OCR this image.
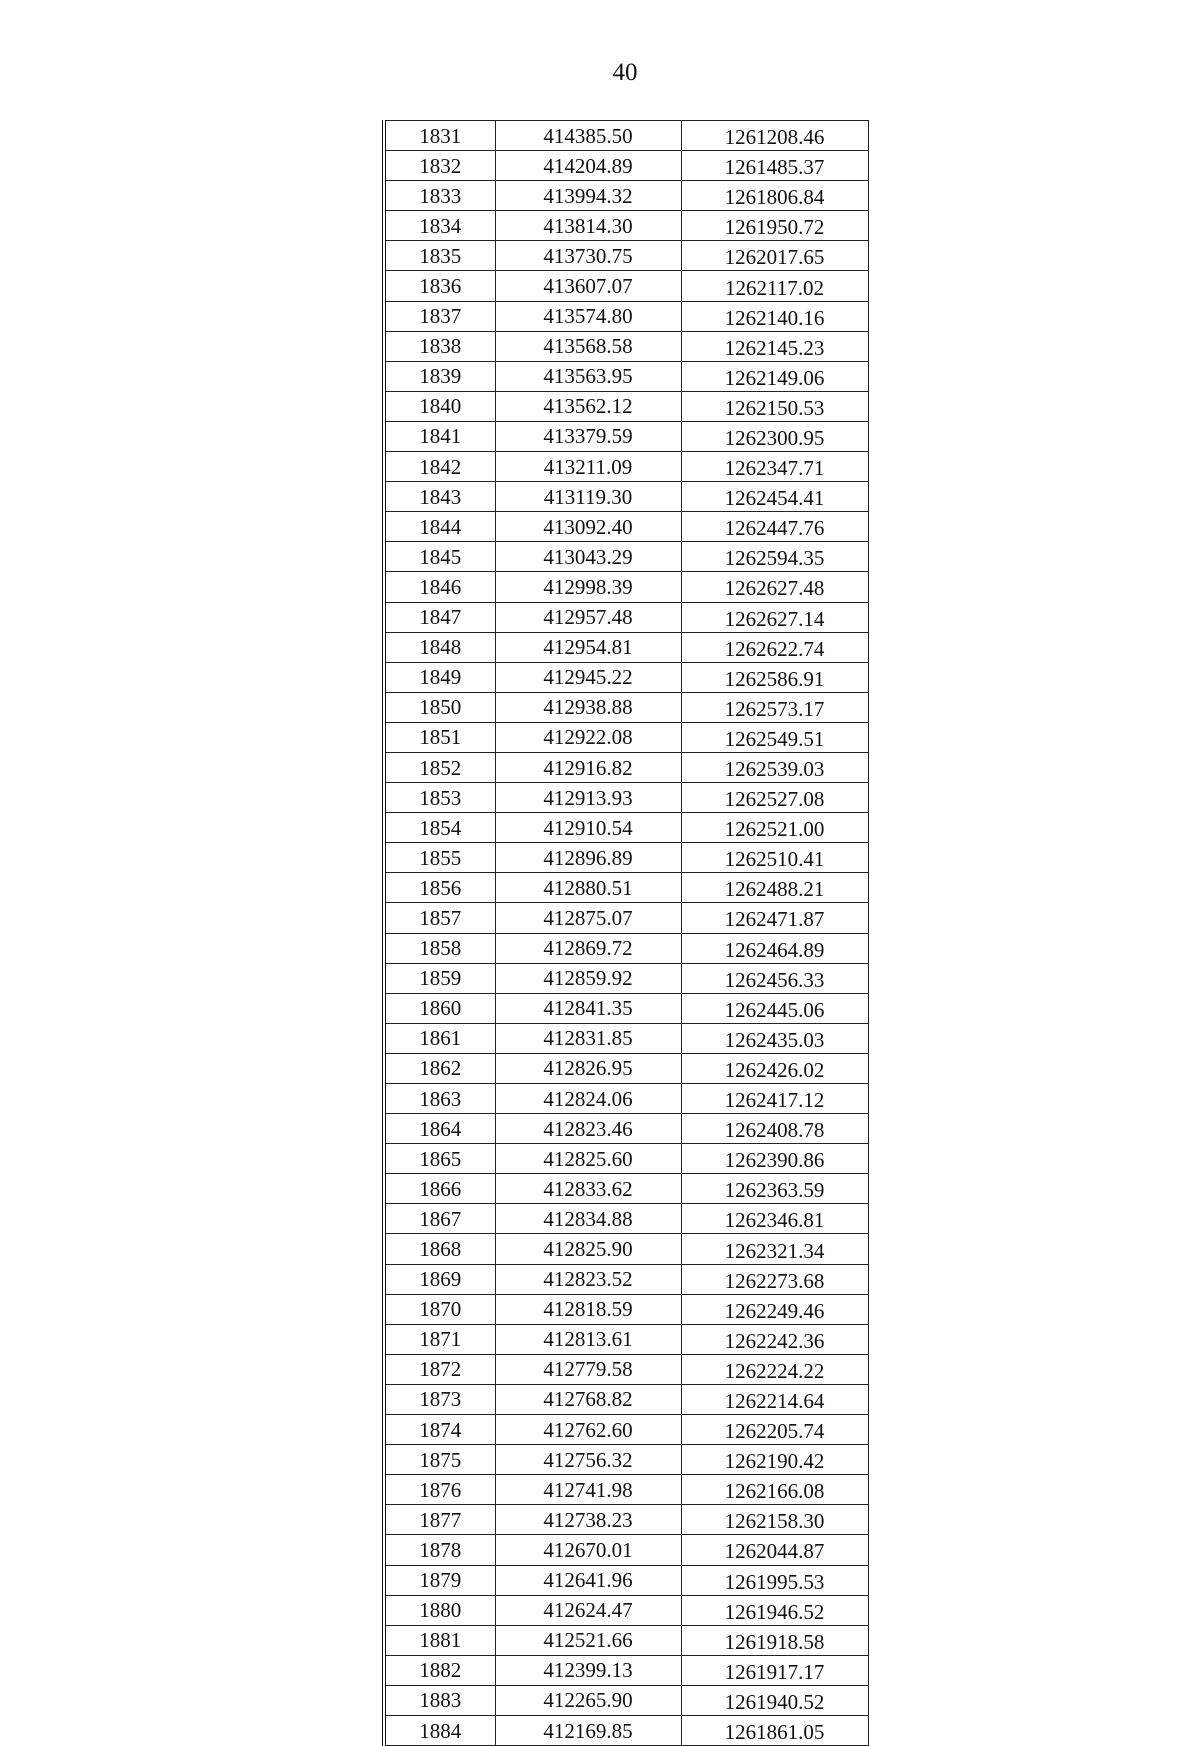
40
1831	414385.50	1261208.46
1832	414204.89	1261485.37
1833	413994.32	1261806.84
1834	413814.30	1261950.72
1835	413730.75	1262017.65
1836	413607.07	1262117.02
1837	413574.80	1262140.16
1838	413568.58	1262145.23
1839	413563.95	1262149.06
1840	413562.12	1262150.53
1841	413379.59	1262300.95
1842	413211.09	1262347.71
1843	413119.30	1262454.41
1844	413092.40	1262447.76
1845	413043.29	1262594.35
1846	412998.39	1262627.48
1847	412957.48	1262627.14
1848	412954.81	1262622.74
1849	412945.22	1262586.91
1850	412938.88	1262573.17
1851	412922.08	1262549.51
1852	412916.82	1262539.03
1853	412913.93	1262527.08
1854	412910.54	1262521.00
1855	412896.89	1262510.41
1856	412880.51	1262488.21
1857	412875.07	1262471.87
1858	412869.72	1262464.89
1859	412859.92	1262456.33
1860	412841.35	1262445.06
1861	412831.85	1262435.03
1862	412826.95	1262426.02
1863	412824.06	1262417.12
1864	412823.46	1262408.78
1865	412825.60	1262390.86
1866	412833.62	1262363.59
1867	412834.88	1262346.81
1868	412825.90	1262321.34
1869	412823.52	1262273.68
1870	412818.59	1262249.46
1871	412813.61	1262242.36
1872	412779.58	1262224.22
1873	412768.82	1262214.64
1874	412762.60	1262205.74
1875	412756.32	1262190.42
1876	412741.98	1262166.08
1877	412738.23	1262158.30
1878	412670.01	1262044.87
1879	412641.96	1261995.53
1880	412624.47	1261946.52
1881	412521.66	1261918.58
1882	412399.13	1261917.17
1883	412265.90	1261940.52
1884	412169.85	1261861.05
